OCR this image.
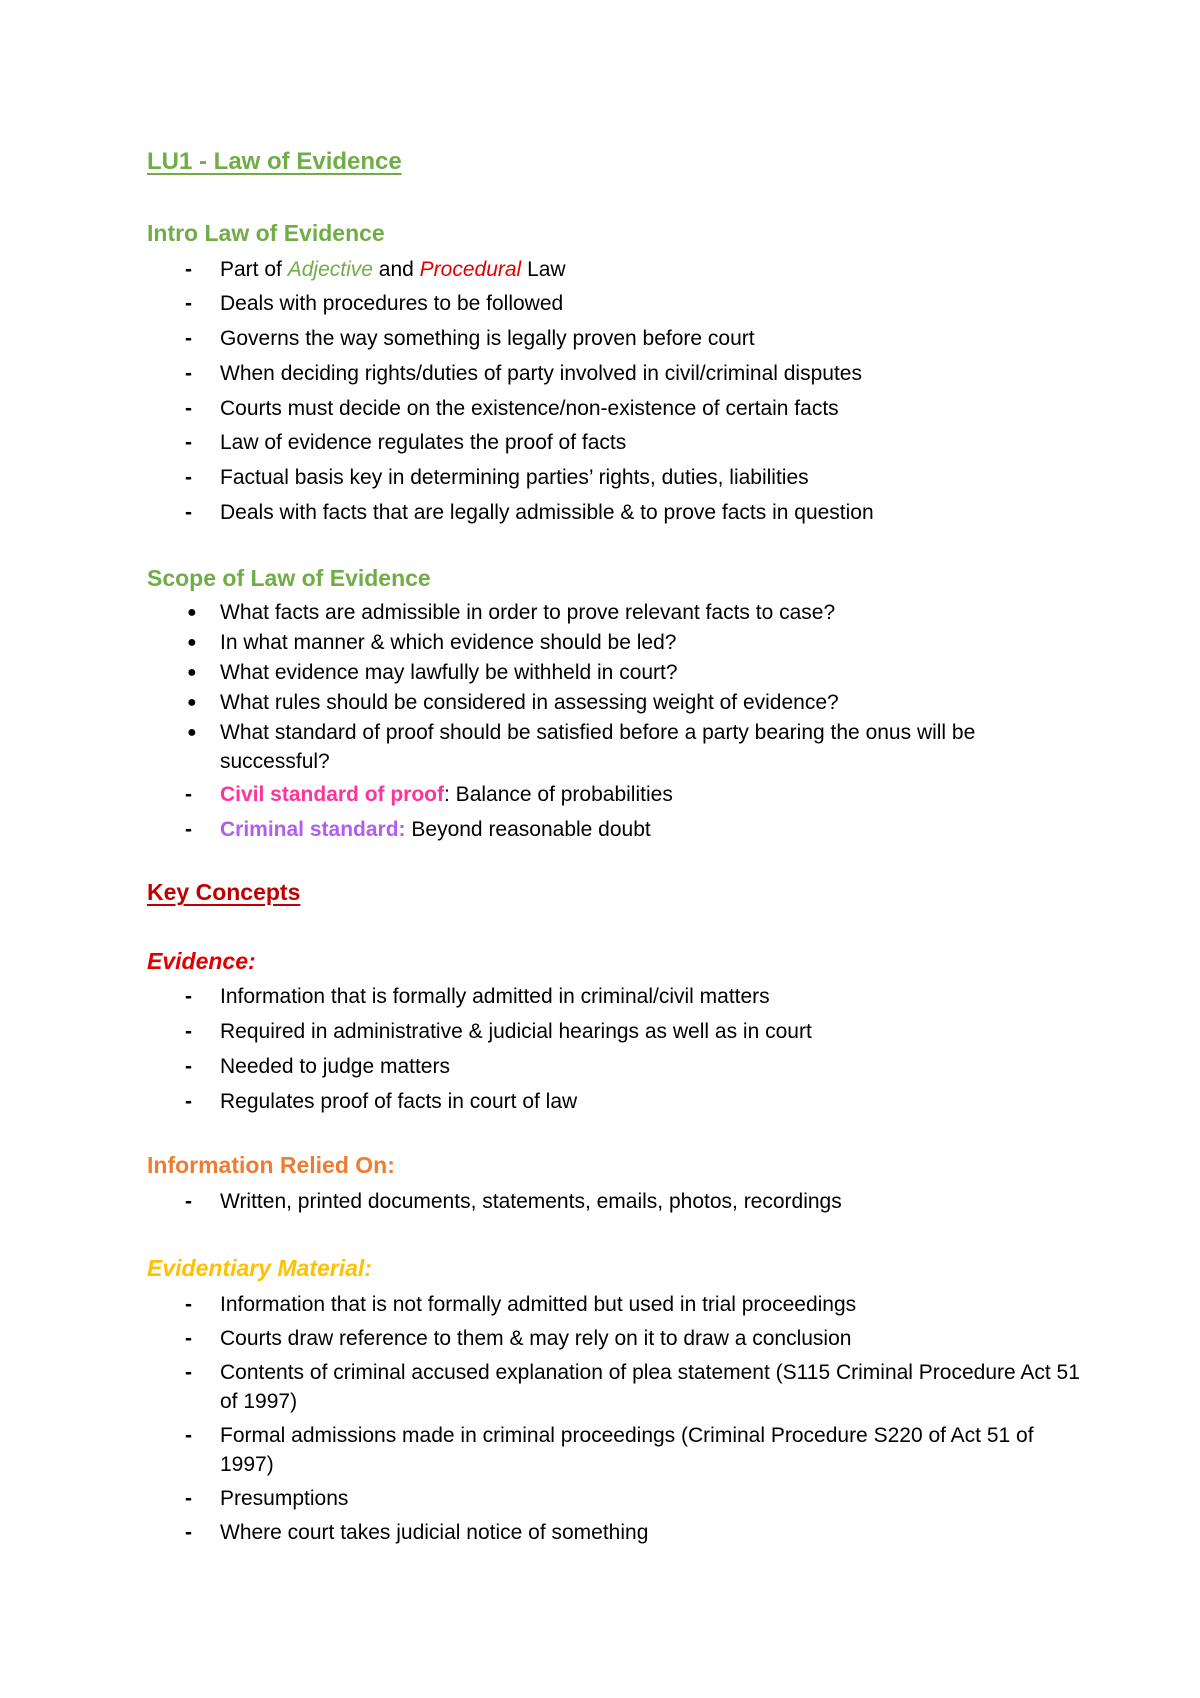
LU1 - Law of Evidence
Intro Law of Evidence
-	Part of Adjective and Procedural Law
-	Deals with procedures to be followed
-	Governs the way something is legally proven before court
-	When deciding rights/duties of party involved in civil/criminal disputes
-	Courts must decide on the existence/non-existence of certain facts
-	Law of evidence regulates the proof of facts
-	Factual basis key in determining parties’ rights, duties, liabilities
-	Deals with facts that are legally admissible & to prove facts in question
Scope of Law of Evidence
●	What facts are admissible in order to prove relevant facts to case?
●	In what manner & which evidence should be led?
●	What evidence may lawfully be withheld in court?
●	What rules should be considered in assessing weight of evidence?
●	What standard of proof should be satisfied before a party bearing the onus will be successful?
-	Civil standard of proof: Balance of probabilities
-	Criminal standard: Beyond reasonable doubt
Key Concepts
Evidence:
-	Information that is formally admitted in criminal/civil matters
-	Required in administrative & judicial hearings as well as in court
-	Needed to judge matters
-	Regulates proof of facts in court of law
Information Relied On:
-	Written, printed documents, statements, emails, photos, recordings
Evidentiary Material:
-	Information that is not formally admitted but used in trial proceedings
-	Courts draw reference to them & may rely on it to draw a conclusion
-	Contents of criminal accused explanation of plea statement (S115 Criminal Procedure Act 51 of 1997)
-	Formal admissions made in criminal proceedings (Criminal Procedure S220 of Act 51 of 1997)
-	Presumptions
-	Where court takes judicial notice of something
